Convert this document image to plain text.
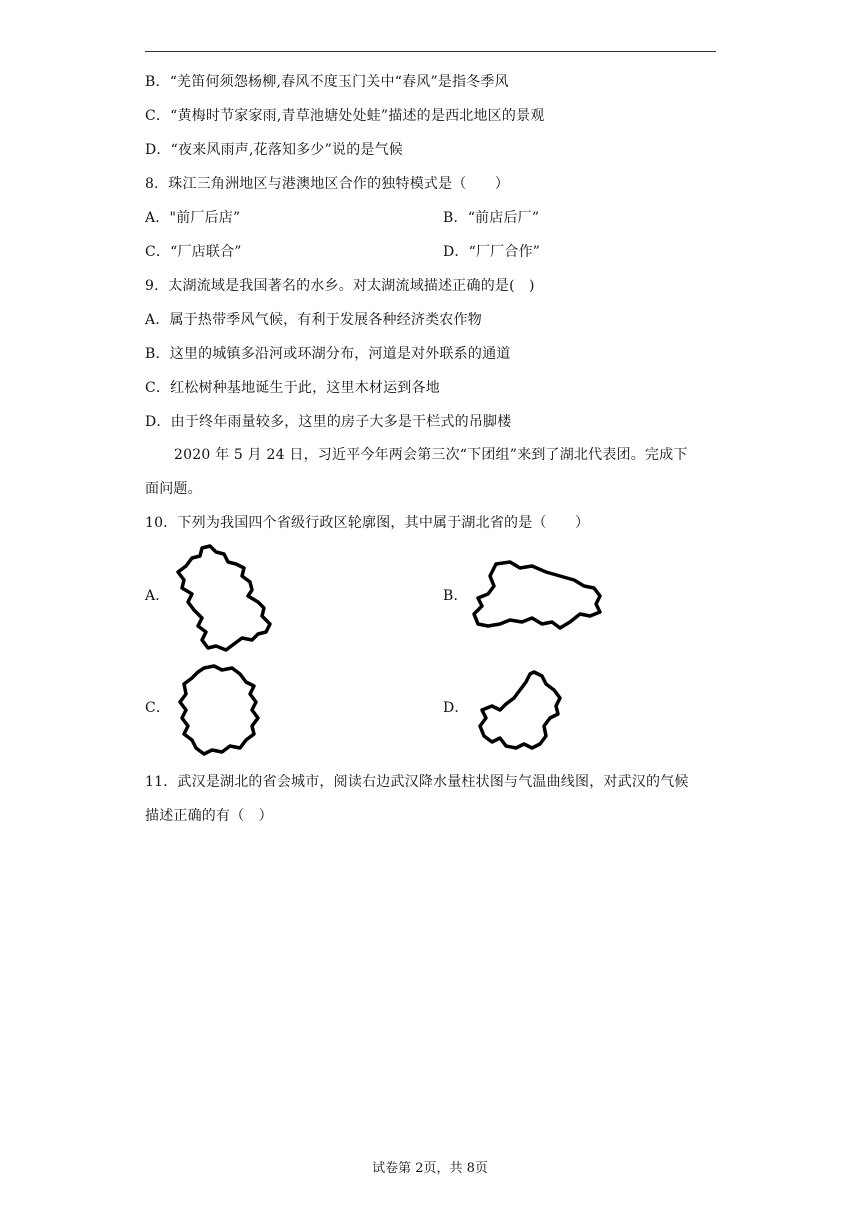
B．“羌笛何须怨杨柳,春风不度玉门关中“春风”是指冬季风
C．“黄梅时节家家雨,青草池塘处处蛙”描述的是西北地区的景观
D．“夜来风雨声,花落知多少”说的是气候
8．珠江三角洲地区与港澳地区合作的独特模式是（　　）
A．"前厂后店”	B．“前店后厂”
C．“厂店联合”	D．“厂厂合作”
9．太湖流域是我国著名的水乡。对太湖流域描述正确的是(　)
A．属于热带季风气候，有利于发展各种经济类农作物
B．这里的城镇多沿河或环湖分布，河道是对外联系的通道
C．红松树种基地诞生于此，这里木材运到各地
D．由于终年雨量较多，这里的房子大多是干栏式的吊脚楼
2020 年 5 月 24 日，习近平今年两会第三次“下团组”来到了湖北代表团。完成下
面问题。
10．下列为我国四个省级行政区轮廓图，其中属于湖北省的是（　　）
A．	B．
C．	D．
11．武汉是湖北的省会城市，阅读右边武汉降水量柱状图与气温曲线图，对武汉的气候
描述正确的有（　）
试卷第 2页，共 8页
